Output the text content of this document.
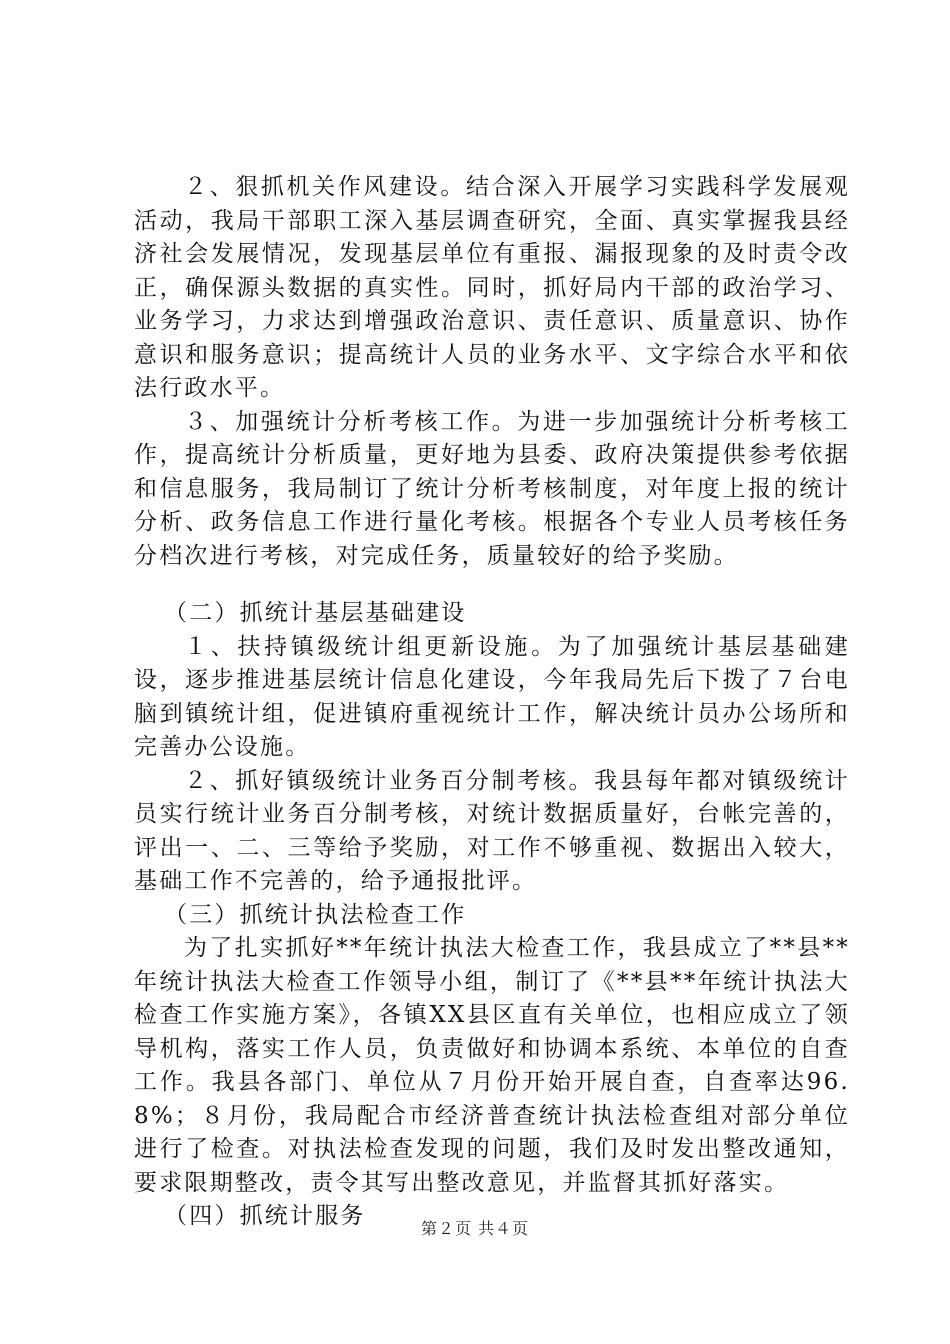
２、狠抓机关作风建设。结合深入开展学习实践科学发展观活动，我局干部职工深入基层调查研究，全面、真实掌握我县经济社会发展情况，发现基层单位有重报、漏报现象的及时责令改正，确保源头数据的真实性。同时，抓好局内干部的政治学习、业务学习，力求达到增强政治意识、责任意识、质量意识、协作意识和服务意识；提高统计人员的业务水平、文字综合水平和依法行政水平。

３、加强统计分析考核工作。为进一步加强统计分析考核工作，提高统计分析质量，更好地为县委、政府决策提供参考依据和信息服务，我局制订了统计分析考核制度，对年度上报的统计分析、政务信息工作进行量化考核。根据各个专业人员考核任务分档次进行考核，对完成任务，质量较好的给予奖励。

（二）抓统计基层基础建设

１、扶持镇级统计组更新设施。为了加强统计基层基础建设，逐步推进基层统计信息化建设，今年我局先后下拨了７台电脑到镇统计组，促进镇府重视统计工作，解决统计员办公场所和完善办公设施。

２、抓好镇级统计业务百分制考核。我县每年都对镇级统计员实行统计业务百分制考核，对统计数据质量好，台帐完善的，评出一、二、三等给予奖励，对工作不够重视、数据出入较大，基础工作不完善的，给予通报批评。

（三）抓统计执法检查工作

为了扎实抓好**年统计执法大检查工作，我县成立了**县**年统计执法大检查工作领导小组，制订了《**县**年统计执法大检查工作实施方案》，各镇XX县区直有关单位，也相应成立了领导机构，落实工作人员，负责做好和协调本系统、本单位的自查工作。我县各部门、单位从７月份开始开展自查，自查率达96.8%；８月份，我局配合市经济普查统计执法检查组对部分单位进行了检查。对执法检查发现的问题，我们及时发出整改通知，要求限期整改，责令其写出整改意见，并监督其抓好落实。

（四）抓统计服务	第２页 共４页
